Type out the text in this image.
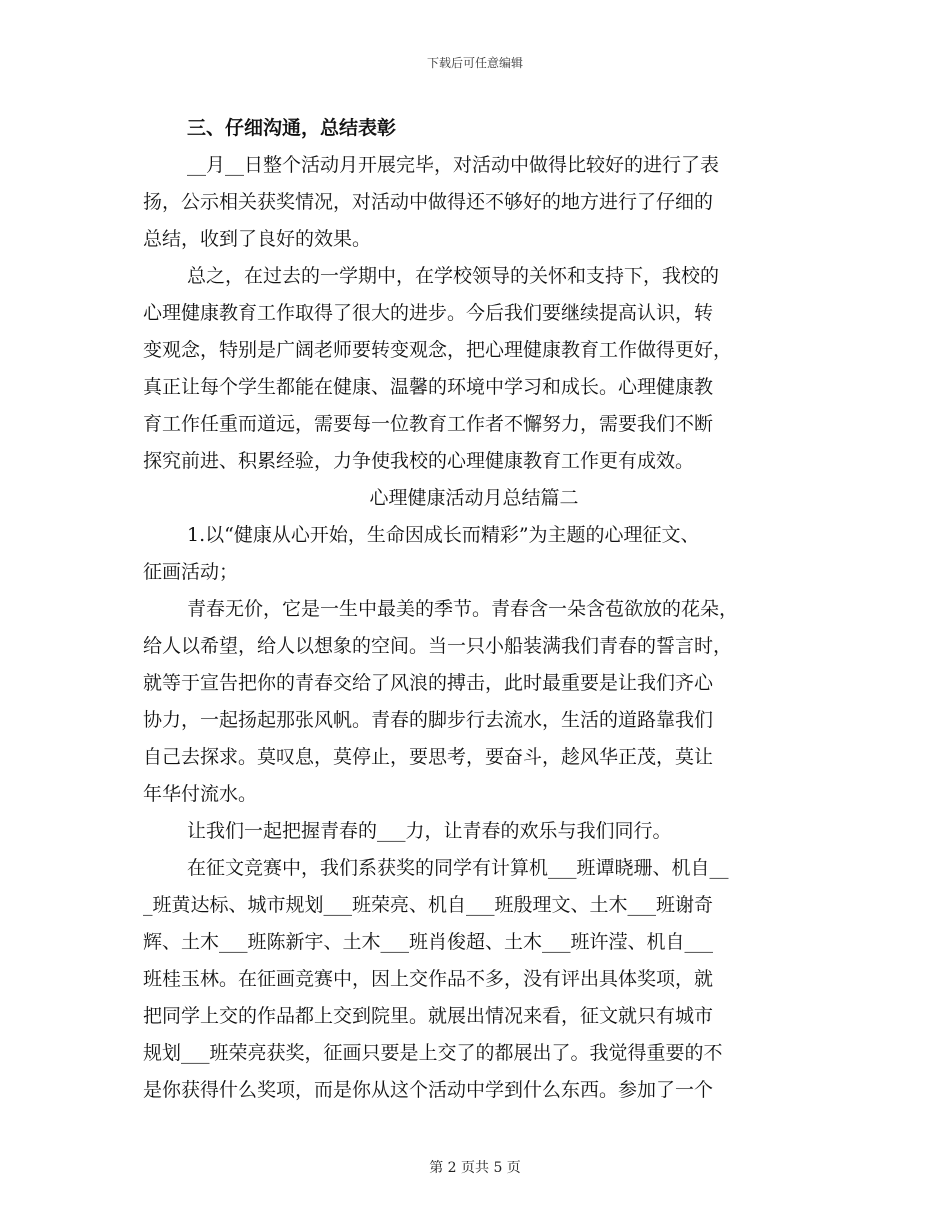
下载后可任意编辑
三、仔细沟通，总结表彰
__月__日整个活动月开展完毕，对活动中做得比较好的进行了表
扬，公示相关获奖情况，对活动中做得还不够好的地方进行了仔细的
总结，收到了良好的效果。
总之，在过去的一学期中，在学校领导的关怀和支持下，我校的
心理健康教育工作取得了很大的进步。今后我们要继续提高认识，转
变观念，特别是广阔老师要转变观念，把心理健康教育工作做得更好，
真正让每个学生都能在健康、温馨的环境中学习和成长。心理健康教
育工作任重而道远，需要每一位教育工作者不懈努力，需要我们不断
探究前进、积累经验，力争使我校的心理健康教育工作更有成效。
心理健康活动月总结篇二
1.以“健康从心开始，生命因成长而精彩”为主题的心理征文、
征画活动；
青春无价，它是一生中最美的季节。青春含一朵含苞欲放的花朵，
给人以希望，给人以想象的空间。当一只小船装满我们青春的誓言时，
就等于宣告把你的青春交给了风浪的搏击，此时最重要是让我们齐心
协力，一起扬起那张风帆。青春的脚步行去流水，生活的道路靠我们
自己去探求。莫叹息，莫停止，要思考，要奋斗，趁风华正茂，莫让
年华付流水。
让我们一起把握青春的___力，让青春的欢乐与我们同行。
在征文竞赛中，我们系获奖的同学有计算机___班谭晓珊、机自__
_班黄达标、城市规划___班荣亮、机自___班殷理文、土木___班谢奇
辉、土木___班陈新宇、土木___班肖俊超、土木___班许滢、机自___
班桂玉林。在征画竞赛中，因上交作品不多，没有评出具体奖项，就
把同学上交的作品都上交到院里。就展出情况来看，征文就只有城市
规划___班荣亮获奖，征画只要是上交了的都展出了。我觉得重要的不
是你获得什么奖项，而是你从这个活动中学到什么东西。参加了一个
第 2 页共 5 页
